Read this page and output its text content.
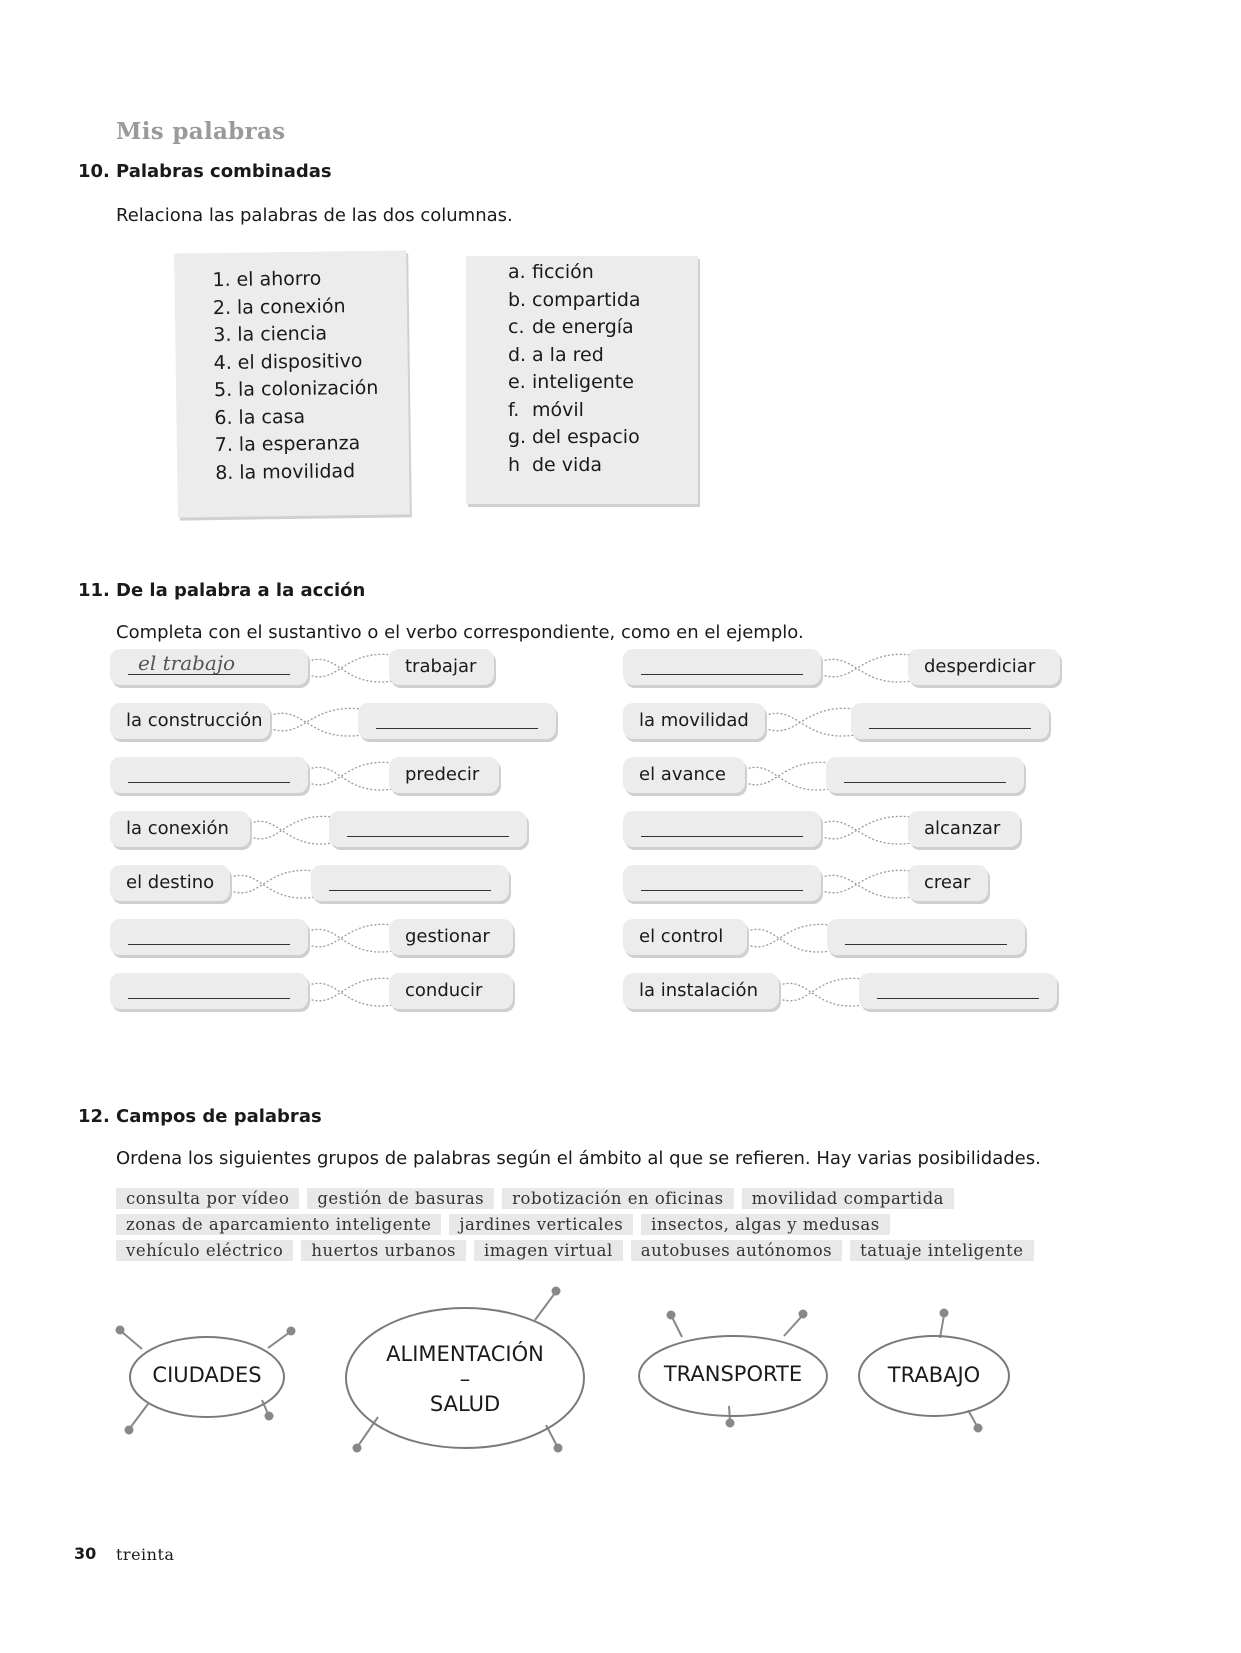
Mis palabras
10. Palabras combinadas
Relaciona las palabras de las dos columnas.
1. el ahorro
2. la conexión
3. la ciencia
4. el dispositivo
5. la colonización
6. la casa
7. la esperanza
8. la movilidad
a. ficción
b. compartida
c. de energía
d. a la red
e. inteligente
f. móvil
g. del espacio
h de vida
11. De la palabra a la acción
Completa con el sustantivo o el verbo correspondiente, como en el ejemplo.
el trabajo	trabajar
la construcción
predecir
la conexión
el destino
gestionar
conducir
desperdiciar
la movilidad
el avance
alcanzar
crear
el control
la instalación
12. Campos de palabras
Ordena los siguientes grupos de palabras según el ámbito al que se refieren. Hay varias posibilidades.
consulta por vídeo gestión de basuras robotización en oficinas movilidad compartida
zonas de aparcamiento inteligente jardines verticales insectos, algas y medusas
vehículo eléctrico huertos urbanos imagen virtual autobuses autónomos tatuaje inteligente
CIUDADES
ALIMENTACIÓN
–
SALUD
TRANSPORTE	TRABAJO
30 treinta
